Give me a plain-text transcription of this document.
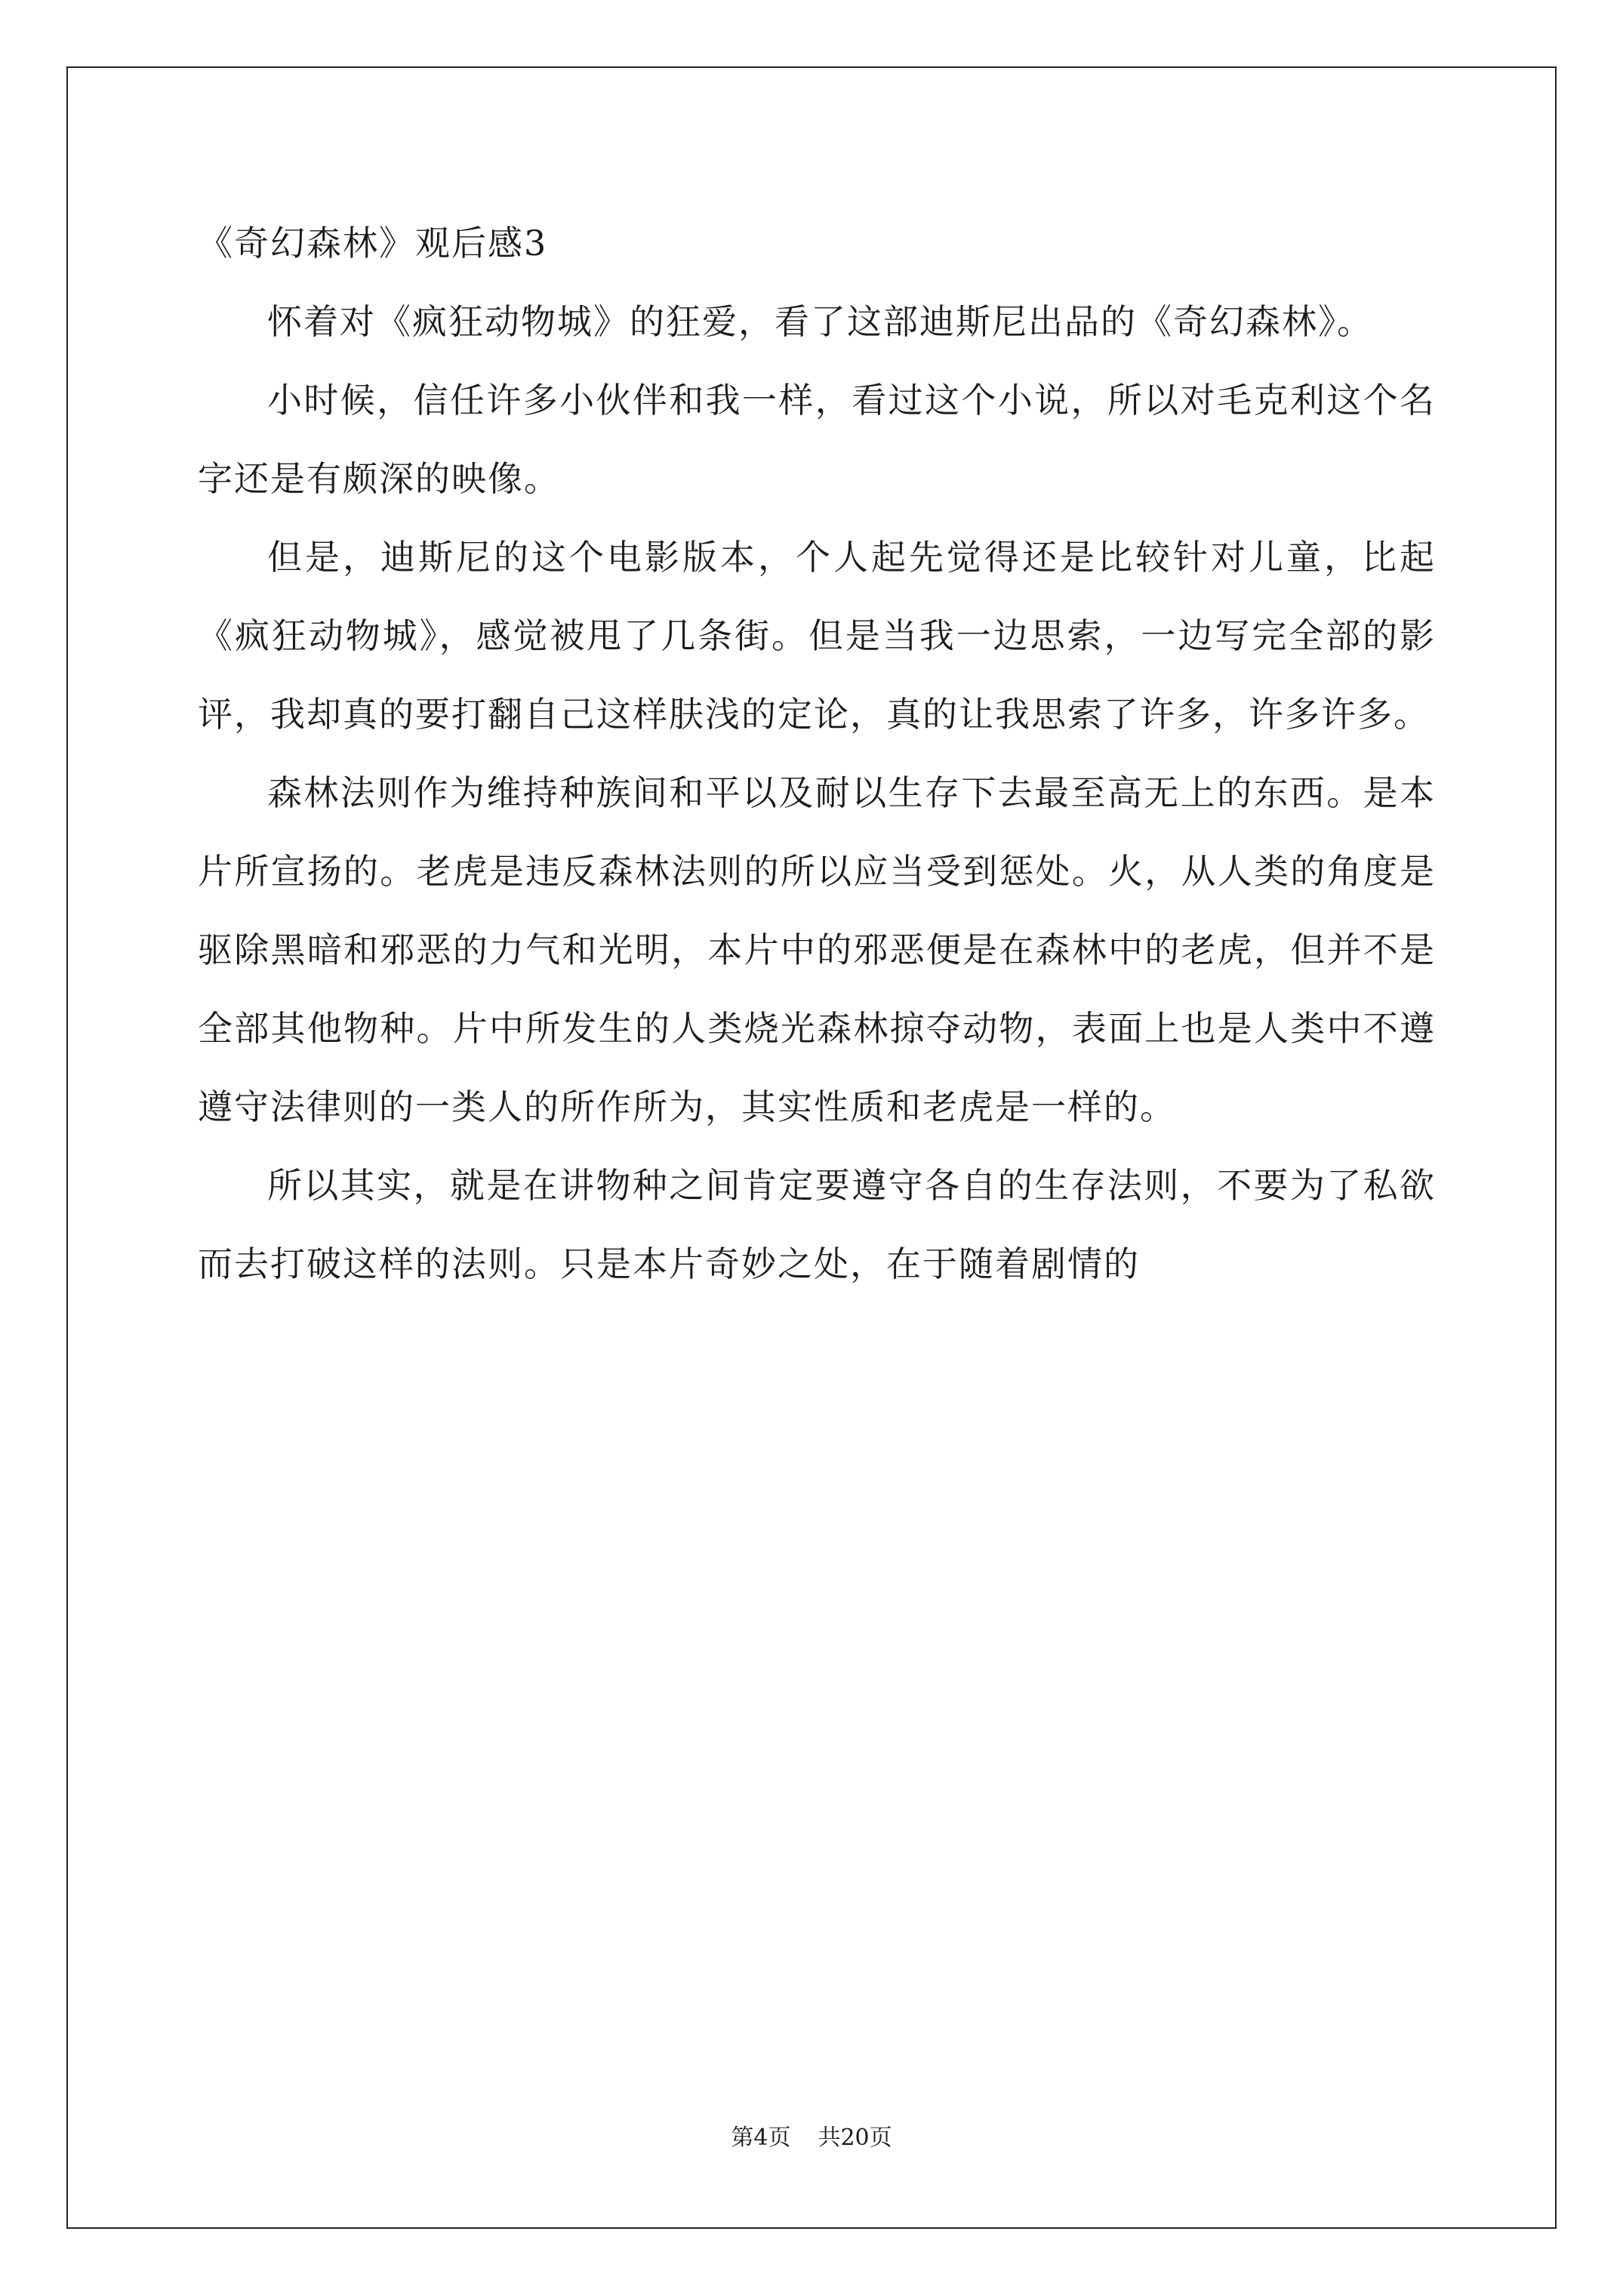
《奇幻森林》观后感3

怀着对《疯狂动物城》的狂爱，看了这部迪斯尼出品的《奇幻森林》。

小时候，信任许多小伙伴和我一样，看过这个小说，所以对毛克利这个名字还是有颇深的映像。

但是，迪斯尼的这个电影版本，个人起先觉得还是比较针对儿童，比起《疯狂动物城》，感觉被甩了几条街。但是当我一边思索，一边写完全部的影评，我却真的要打翻自己这样肤浅的定论，真的让我思索了许多，许多许多。

森林法则作为维持种族间和平以及耐以生存下去最至高无上的东西。是本片所宣扬的。老虎是违反森林法则的所以应当受到惩处。火，从人类的角度是驱除黑暗和邪恶的力气和光明，本片中的邪恶便是在森林中的老虎，但并不是全部其他物种。片中所发生的人类烧光森林掠夺动物，表面上也是人类中不遵遵守法律则的一类人的所作所为，其实性质和老虎是一样的。

所以其实，就是在讲物种之间肯定要遵守各自的生存法则，不要为了私欲而去打破这样的法则。只是本片奇妙之处，在于随着剧情的

第4页 共20页
